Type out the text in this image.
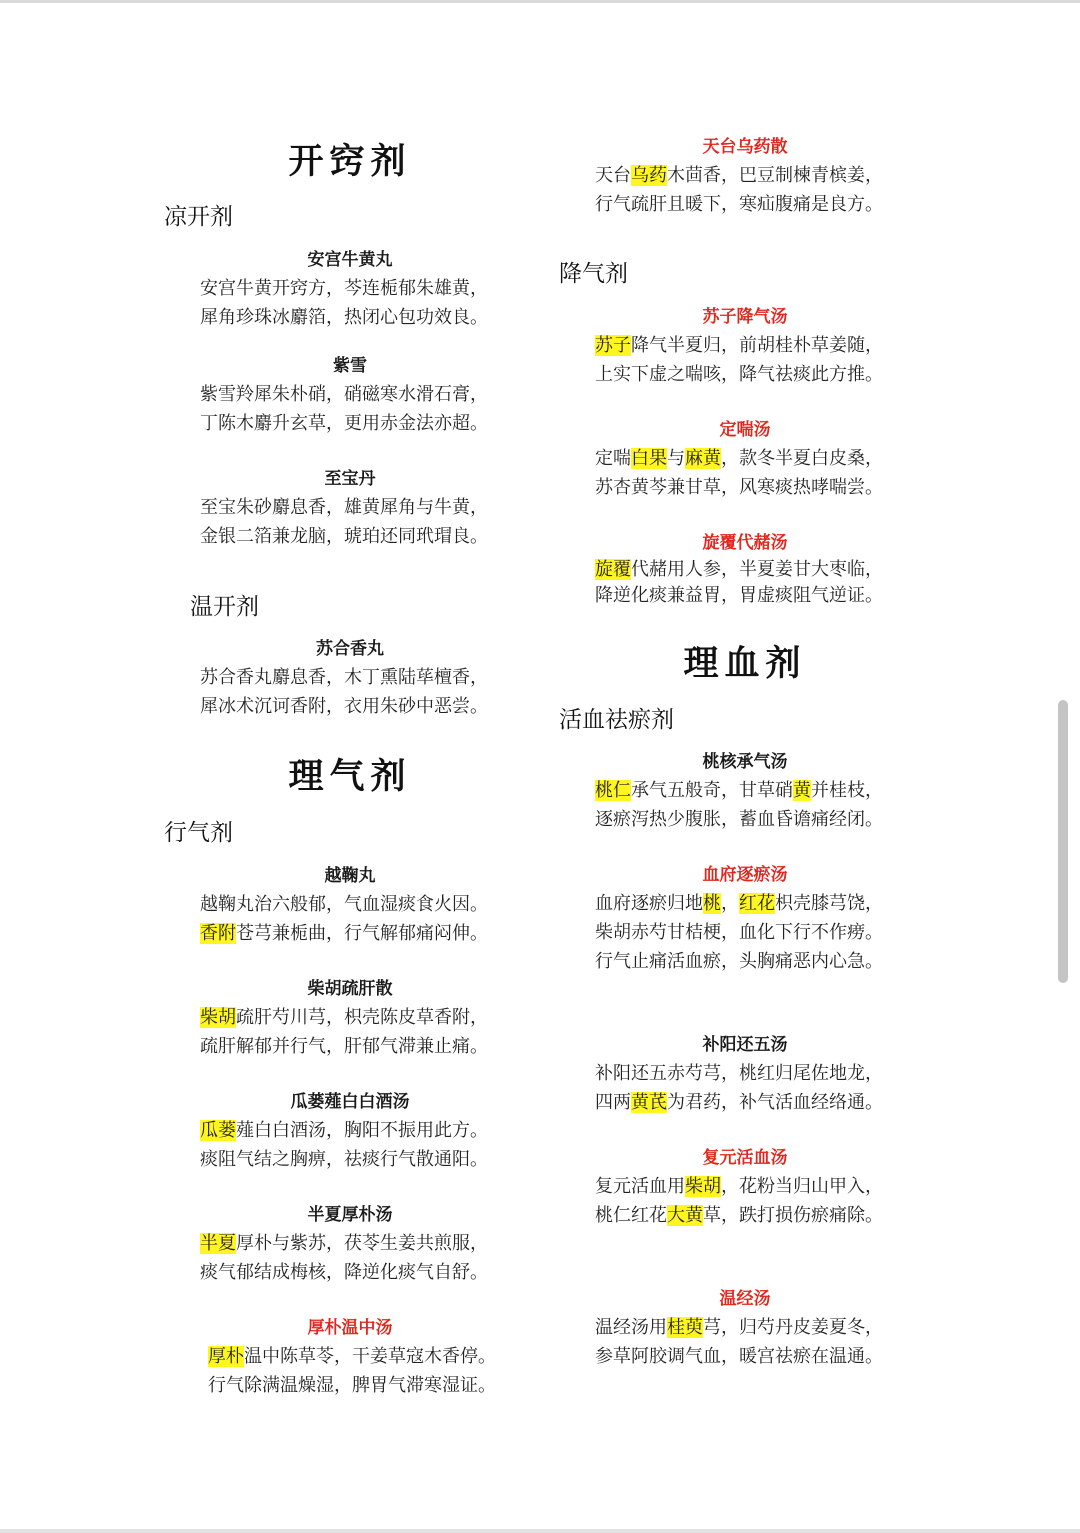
开窍剂
凉开剂
安宫牛黄丸
安宫牛黄开窍方，芩连栀郁朱雄黄，
犀角珍珠冰麝箔，热闭心包功效良。
紫雪
紫雪羚犀朱朴硝，硝磁寒水滑石膏，
丁陈木麝升玄草，更用赤金法亦超。
至宝丹
至宝朱砂麝息香，雄黄犀角与牛黄，
金银二箔兼龙脑，琥珀还同玳瑁良。
温开剂
苏合香丸
苏合香丸麝息香，木丁熏陆荜檀香，
犀冰术沉诃香附，衣用朱砂中恶尝。
理气剂
行气剂
越鞠丸
越鞠丸治六般郁，气血湿痰食火因。
香附苍芎兼栀曲，行气解郁痛闷伸。
柴胡疏肝散
柴胡疏肝芍川芎，枳壳陈皮草香附，
疏肝解郁并行气，肝郁气滞兼止痛。
瓜蒌薤白白酒汤
瓜蒌薤白白酒汤，胸阳不振用此方。
痰阻气结之胸痹，祛痰行气散通阳。
半夏厚朴汤
半夏厚朴与紫苏，茯苓生姜共煎服，
痰气郁结成梅核，降逆化痰气自舒。
厚朴温中汤
厚朴温中陈草苓，干姜草寇木香停。
行气除满温燥湿，脾胃气滞寒湿证。
天台乌药散
天台乌药木茴香，巴豆制楝青槟姜，
行气疏肝且暖下，寒疝腹痛是良方。
降气剂
苏子降气汤
苏子降气半夏归，前胡桂朴草姜随，
上实下虚之喘咳，降气祛痰此方推。
定喘汤
定喘白果与麻黄，款冬半夏白皮桑，
苏杏黄芩兼甘草，风寒痰热哮喘尝。
旋覆代赭汤
旋覆代赭用人参，半夏姜甘大枣临，
降逆化痰兼益胃，胃虚痰阻气逆证。
理血剂
活血祛瘀剂
桃核承气汤
桃仁承气五般奇，甘草硝黄并桂枝，
逐瘀泻热少腹胀，蓄血昏谵痛经闭。
血府逐瘀汤
血府逐瘀归地桃，红花枳壳膝芎饶，
柴胡赤芍甘桔梗，血化下行不作痨。
行气止痛活血瘀，头胸痛恶内心急。
补阳还五汤
补阳还五赤芍芎，桃红归尾佐地龙，
四两黄芪为君药，补气活血经络通。
复元活血汤
复元活血用柴胡，花粉当归山甲入，
桃仁红花大黄草，跌打损伤瘀痛除。
温经汤
温经汤用桂萸芎，归芍丹皮姜夏冬，
参草阿胶调气血，暖宫祛瘀在温通。
